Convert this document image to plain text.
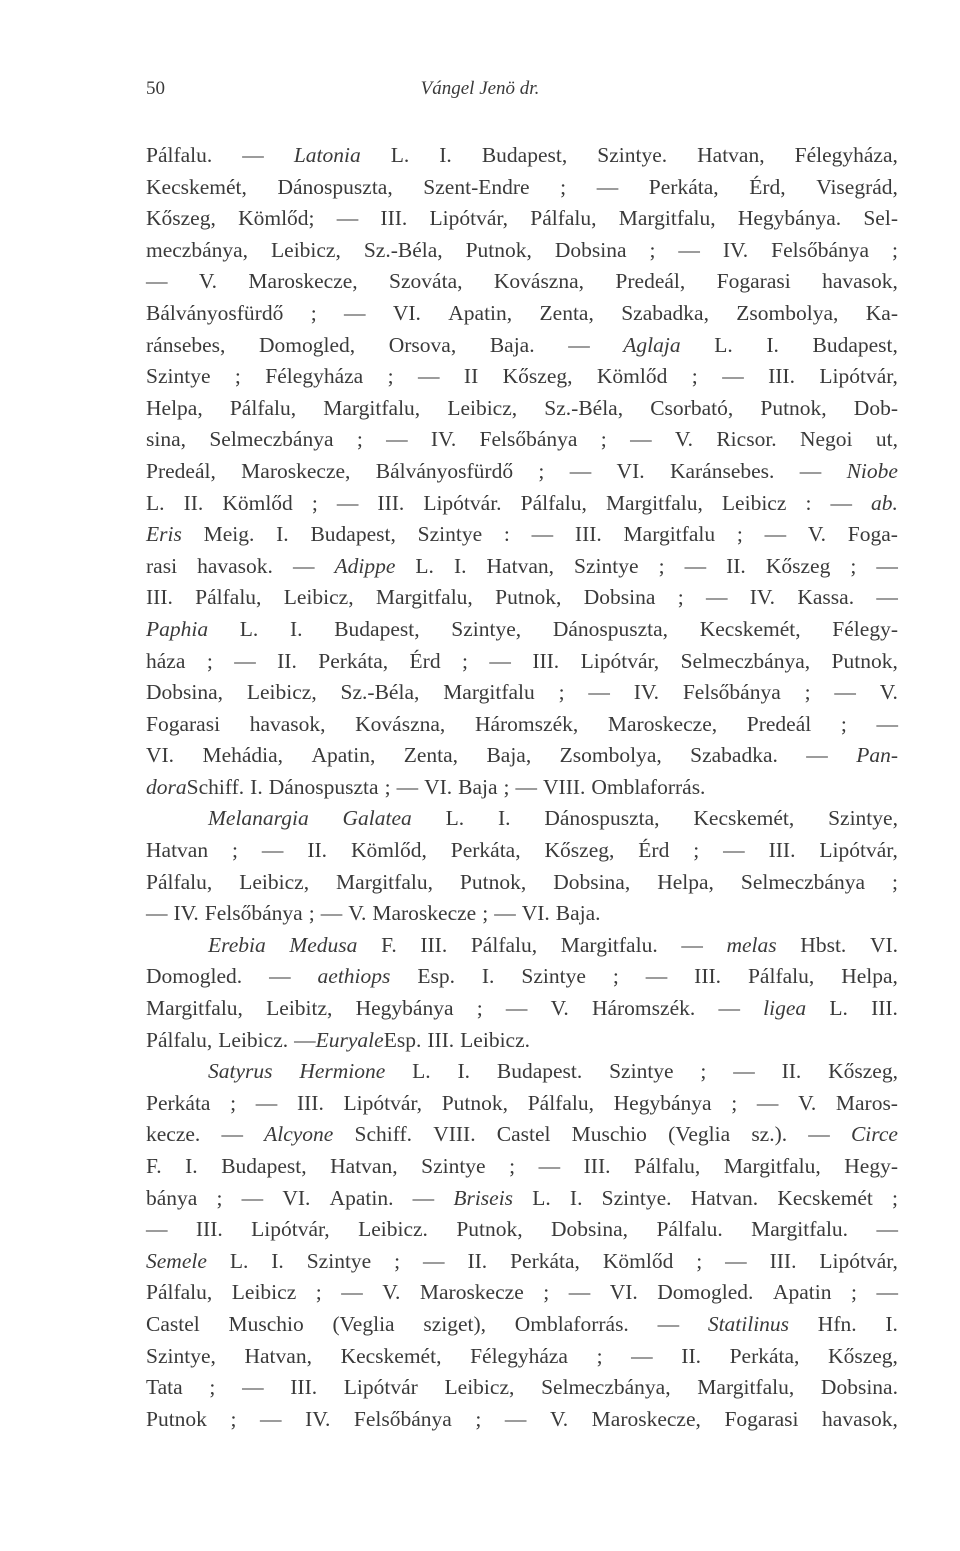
50	Vángel Jenö dr.
Pálfalu. — Latonia L. I. Budapest, Szintye. Hatvan, Félegyháza,
Kecskemét, Dánospuszta, Szent-Endre ; — Perkáta, Érd, Visegrád,
Kőszeg, Kömlőd; — III. Lipótvár, Pálfalu, Margitfalu, Hegybánya. Sel-
meczbánya, Leibicz, Sz.-Béla, Putnok, Dobsina ; — IV. Felsőbánya ;
— V. Maroskecze, Szováta, Kovászna, Predeál, Fogarasi havasok,
Bálványosfürdő ; — VI. Apatin, Zenta, Szabadka, Zsombolya, Ka-
ránsebes, Domogled, Orsova, Baja. — Aglaja L. I. Budapest,
Szintye ; Félegyháza ; — II Kőszeg, Kömlőd ; — III. Lipótvár,
Helpa, Pálfalu, Margitfalu, Leibicz, Sz.-Béla, Csorbató, Putnok, Dob-
sina, Selmeczbánya ; — IV. Felsőbánya ; — V. Ricsor. Negoi ut,
Predeál, Maroskecze, Bálványosfürdő ; — VI. Karánsebes. — Niobe
L. II. Kömlőd ; — III. Lipótvár. Pálfalu, Margitfalu, Leibicz : — ab.
Eris Meig. I. Budapest, Szintye : — III. Margitfalu ; — V. Foga-
rasi havasok. — Adippe L. I. Hatvan, Szintye ; — II. Kőszeg ; —
III. Pálfalu, Leibicz, Margitfalu, Putnok, Dobsina ; — IV. Kassa. —
Paphia L. I. Budapest, Szintye, Dánospuszta, Kecskemét, Félegy-
háza ; — II. Perkáta, Érd ; — III. Lipótvár, Selmeczbánya, Putnok,
Dobsina, Leibicz, Sz.-Béla, Margitfalu ; — IV. Felsőbánya ; — V.
Fogarasi havasok, Kovászna, Háromszék, Maroskecze, Predeál ; —
VI. Mehádia, Apatin, Zenta, Baja, Zsombolya, Szabadka. — Pan-
dora Schiff. I. Dánospuszta ; — VI. Baja ; — VIII. Omblaforrás.
Melanargia Galatea L. I. Dánospuszta, Kecskemét, Szintye,
Hatvan ; — II. Kömlőd, Perkáta, Kőszeg, Érd ; — III. Lipótvár,
Pálfalu, Leibicz, Margitfalu, Putnok, Dobsina, Helpa, Selmeczbánya ;
— IV. Felsőbánya ; — V. Maroskecze ; — VI. Baja.
Erebia Medusa F. III. Pálfalu, Margitfalu. — melas Hbst. VI.
Domogled. — aethiops Esp. I. Szintye ; — III. Pálfalu, Helpa,
Margitfalu, Leibitz, Hegybánya ; — V. Háromszék. — ligea L. III.
Pálfalu, Leibicz. — Euryale Esp. III. Leibicz.
Satyrus Hermione L. I. Budapest. Szintye ; — II. Kőszeg,
Perkáta ; — III. Lipótvár, Putnok, Pálfalu, Hegybánya ; — V. Maros-
kecze. — Alcyone Schiff. VIII. Castel Muschio (Veglia sz.). — Circe
F. I. Budapest, Hatvan, Szintye ; — III. Pálfalu, Margitfalu, Hegy-
bánya ; — VI. Apatin. — Briseis L. I. Szintye. Hatvan. Kecskemét ;
— III. Lipótvár, Leibicz. Putnok, Dobsina, Pálfalu. Margitfalu. —
Semele L. I. Szintye ; — II. Perkáta, Kömlőd ; — III. Lipótvár,
Pálfalu, Leibicz ; — V. Maroskecze ; — VI. Domogled. Apatin ; —
Castel Muschio (Veglia sziget), Omblaforrás. — Statilinus Hfn. I.
Szintye, Hatvan, Kecskemét, Félegyháza ; — II. Perkáta, Kőszeg,
Tata ; — III. Lipótvár Leibicz, Selmeczbánya, Margitfalu, Dobsina.
Putnok ; — IV. Felsőbánya ; — V. Maroskecze, Fogarasi havasok,
